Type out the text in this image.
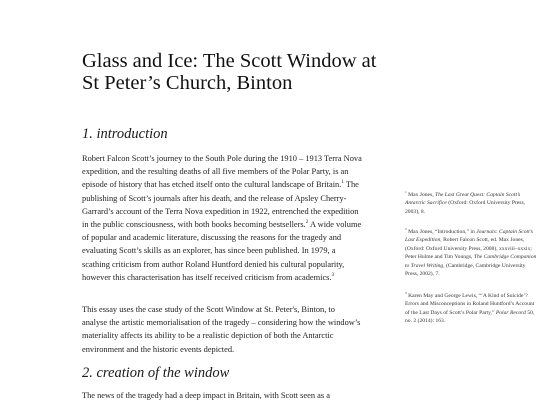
Glass and Ice: The Scott Window at St Peter’s Church, Binton
1. introduction

Robert Falcon Scott’s journey to the South Pole during the 1910 – 1913 Terra Nova expedition, and the resulting deaths of all five members of the Polar Party, is an episode of history that has etched itself onto the cultural landscape of Britain.$^1$ The publishing of Scott’s journals after his death, and the release of Apsley Cherry-Garrard’s account of the Terra Nova expedition in 1922, entrenched the expedition in the public consciousness, with both books becoming bestsellers.$^2$ A wide volume of popular and academic literature, discussing the reasons for the tragedy and evaluating Scott’s skills as an explorer, has since been published. In 1979, a scathing criticism from author Roland Huntford denied his cultural popularity, however this characterisation has itself received criticism from academics.$^3$

This essay uses the case study of the Scott Window at St. Peter's, Binton, to analyse the artistic memorialisation of the tragedy – considering how the window’s materiality affects its ability to be a realistic depiction of both the Antarctic environment and the historic events depicted.

2. creation of the window

The news of the tragedy had a deep impact in Britain, with Scott seen as a

$^1$ Max Jones, The Last Great Quest: Captain Scott’s Antarctic Sacrifice (Oxford: Oxford University Press, 2003), 8.

$^2$ Max Jones, “Introduction,” in Journals: Captain Scott’s Last Expedition, Robert Falcon Scott, ed. Max Jones, (Oxford: Oxford University Press, 2008), xxxviii–xxxix; Peter Hulme and Tim Youngs, The Cambridge Companion to Travel Writing, (Cambridge, Cambridge University Press, 2002), 7.

$^3$ Karen May and George Lewis, “‘A Kind of Suicide’? Errors and Misconceptions in Roland Huntford’s Account of the Last Days of Scott’s Polar Party,” Polar Record 50, no. 2 (2014): 163.
